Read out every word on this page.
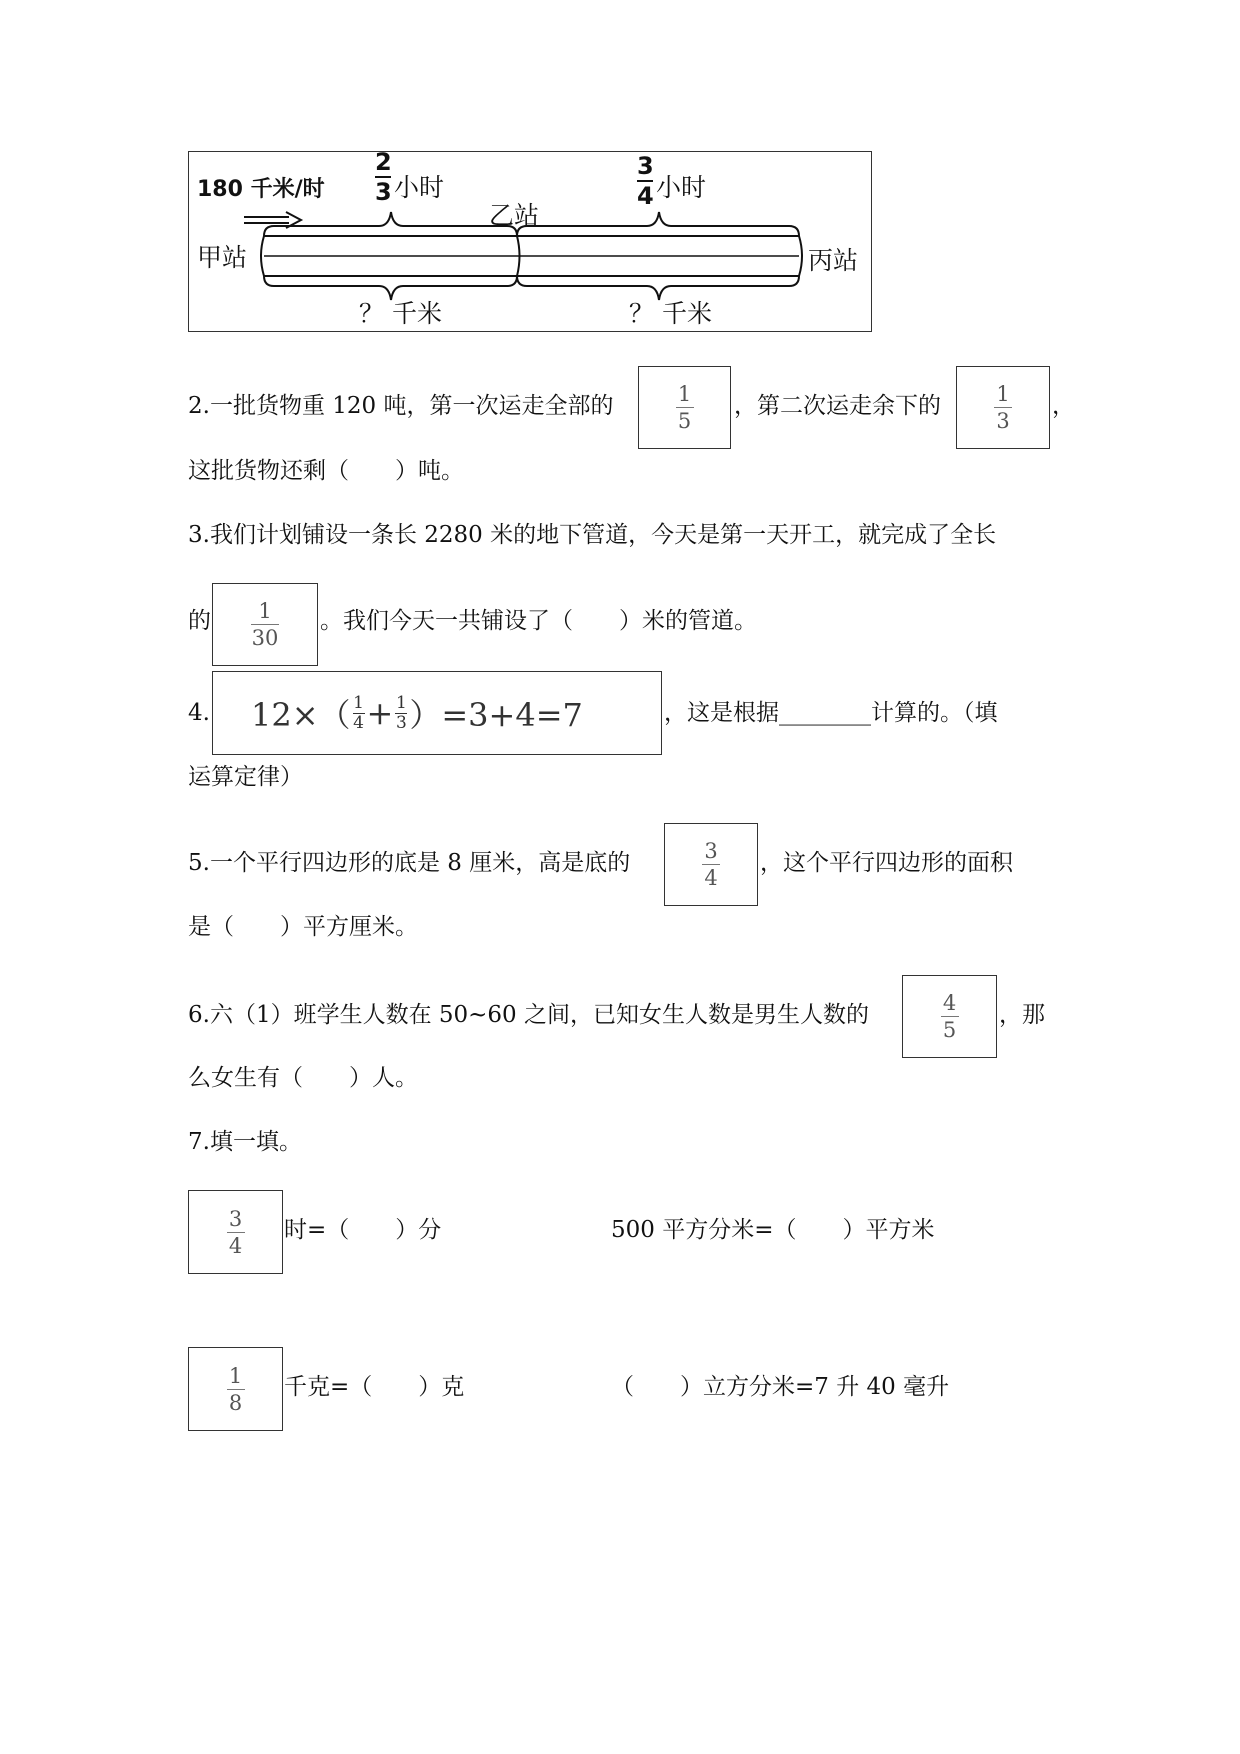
180 千米/时
2
3 小时
3
4 小时
乙站
甲站	丙站
？ 千米	？ 千米
2.一批货物重 120 吨，第一次运走全部的	$\frac{1}{5}$ ，第二次运走余下的	$\frac{1}{3}$ ，
这批货物还剩（　　）吨。
3.我们计划铺设一条长 2280 米的地下管道，今天是第一天开工，就完成了全长
的 $\frac{1}{30}$ 。我们今天一共铺设了（　　）米的管道。
4. 12×（ 1
4 + 1
3 ）=3+4=7	，这是根据________计算的。（填
运算定律）
5.一个平行四边形的底是 8 厘米，高是底的	$\frac{3}{4}$ ，这个平行四边形的面积
是（　　）平方厘米。
6.六（1）班学生人数在 50~60 之间，已知女生人数是男生人数的	$\frac{4}{5}$ ，那
么女生有（　　）人。
7.填一填。
$\frac{3}{4}$ 时=（　　）分	500 平方分米=（　　）平方米
$\frac{1}{8}$ 千克=（　　）克	（　　）立方分米=7 升 40 毫升
